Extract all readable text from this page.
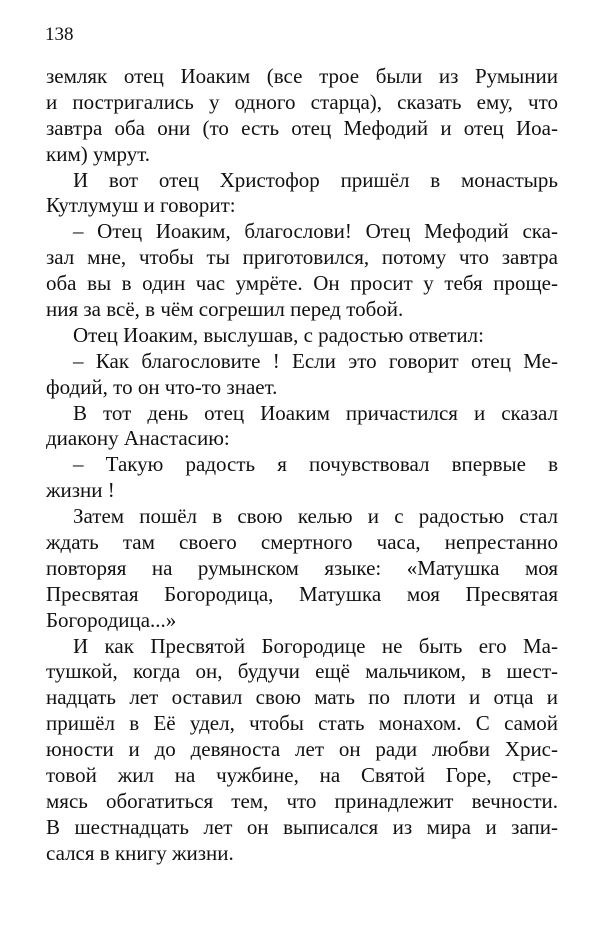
138
земляк отец Иоаким (все трое были из Румынии
и постригались у одного старца), сказать ему, что
завтра оба они (то есть отец Мефодий и отец Иоа-
ким) умрут.
И вот отец Христофор пришёл в монастырь
Кутлумуш и говорит:
– Отец Иоаким, благослови! Отец Мефодий ска-
зал мне, чтобы ты приготовился, потому что завтра
оба вы в один час умрёте. Он просит у тебя проще-
ния за всё, в чём согрешил перед тобой.
Отец Иоаким, выслушав, с радостью ответил:
– Как благословите ! Если это говорит отец Ме-
фодий, то он что-то знает.
В тот день отец Иоаким причастился и сказал
диакону Анастасию:
– Такую радость я почувствовал впервые в
жизни !
Затем пошёл в свою келью и с радостью стал
ждать там своего смертного часа, непрестанно
повторяя на румынском языке: «Матушка моя
Пресвятая Богородица, Матушка моя Пресвятая
Богородица...»
И как Пресвятой Богородице не быть его Ма-
тушкой, когда он, будучи ещё мальчиком, в шест-
надцать лет оставил свою мать по плоти и отца и
пришёл в Её удел, чтобы стать монахом. С самой
юности и до девяноста лет он ради любви Хрис-
товой жил на чужбине, на Святой Горе, стре-
мясь обогатиться тем, что принадлежит вечности.
В шестнадцать лет он выписался из мира и запи-
сался в книгу жизни.
